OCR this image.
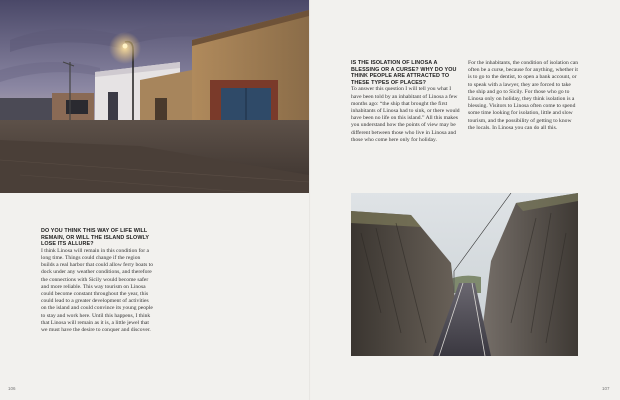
IS THE ISOLATION OF LINOSA A BLESSING OR A CURSE? WHY DO YOU THINK PEOPLE ARE ATTRACTED TO THESE TYPES OF PLACES?

To answer this question I will tell you what I have been told by an inhabitant of Linosa a few months ago: “the ship that brought the first inhabitants of Linosa had to sink, or there would have been no life on this island.” All this makes you understand how the points of view may be different between those who live in Linosa and those who come here only for holiday.

For the inhabitants, the condition of isolation can often be a curse, because for anything, whether it is to go to the dentist, to open a bank account, or to speak with a lawyer, they are forced to take the ship and go to Sicily. For those who go to Linosa only on holiday, they think isolation is a blessing. Visitors to Linosa often come to spend some time looking for isolation, little and slow tourism, and the possibility of getting to know the locals. In Linosa you can do all this.

DO YOU THINK THIS WAY OF LIFE WILL REMAIN, OR WILL THE ISLAND SLOWLY LOSE ITS ALLURE?

I think Linosa will remain in this condition for a long time. Things could change if the region builds a real harbor that could allow ferry boats to dock under any weather conditions, and therefore the connections with Sicily would become safer and more reliable. This way tourism on Linosa could become constant throughout the year, this could lead to a greater development of activities on the island and could convince its young people to stay and work here. Until this happens, I think that Linosa will remain as it is, a little jewel that we must have the desire to conquer and discover.

106	107
